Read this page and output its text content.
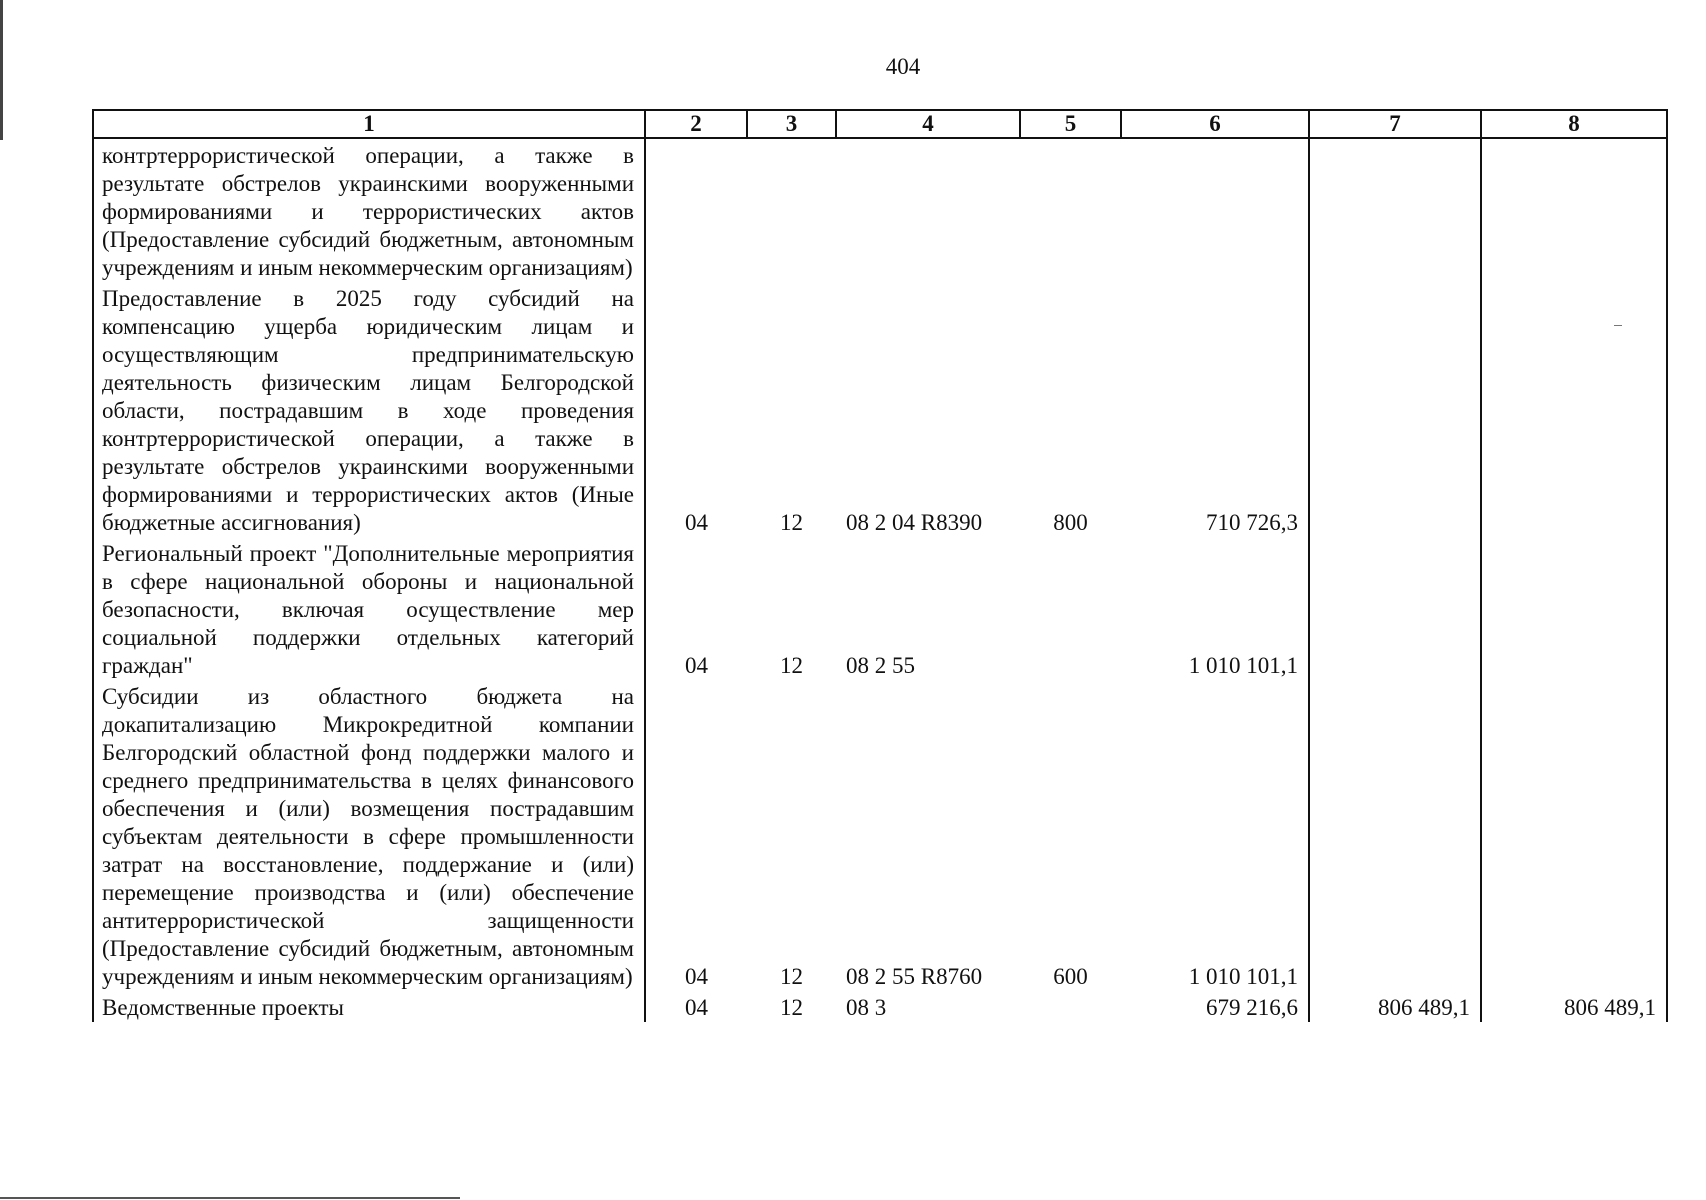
404
1	2	3	4	5	6	7	8

контртеррористической операции, а также в результате обстрелов украинскими вооруженными формированиями и террористических актов (Предоставление субсидий бюджетным, автономным учреждениям и иным некоммерческим организациям)							

Предоставление в 2025 году субсидий на компенсацию ущерба юридическим лицам и осуществляющим предпринимательскую деятельность физическим лицам Белгородской области, пострадавшим в ходе проведения контртеррористической операции, а также в результате обстрелов украинскими вооруженными формированиями и террористических актов (Иные бюджетные ассигнования)	04	12	08 2 04 R8390	800	710 726,3		

Региональный проект "Дополнительные мероприятия в сфере национальной обороны и национальной безопасности, включая осуществление мер социальной поддержки отдельных категорий граждан"	04	12	08 2 55		1 010 101,1		

Субсидии из областного бюджета на докапитализацию Микрокредитной компании Белгородский областной фонд поддержки малого и среднего предпринимательства в целях финансового обеспечения и (или) возмещения пострадавшим субъектам деятельности в сфере промышленности затрат на восстановление, поддержание и (или) перемещение производства и (или) обеспечение антитеррористической защищенности (Предоставление субсидий бюджетным, автономным учреждениям и иным некоммерческим организациям)	04	12	08 2 55 R8760	600	1 010 101,1		

Ведомственные проекты	04	12	08 3		679 216,6	806 489,1	806 489,1
